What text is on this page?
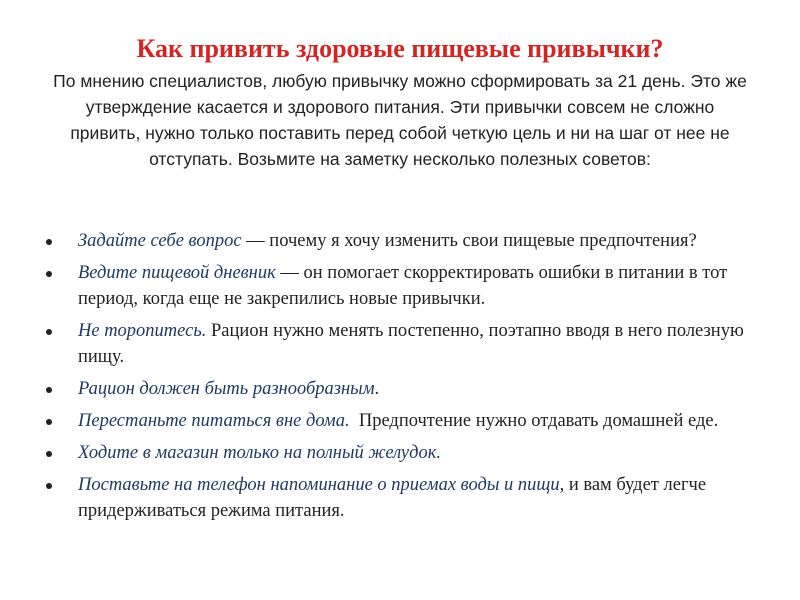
Как привить здоровые пищевые привычки?

По мнению специалистов, любую привычку можно сформировать за 21 день. Это же утверждение касается и здорового питания. Эти привычки совсем не сложно привить, нужно только поставить перед собой четкую цель и ни на шаг от нее не отступать. Возьмите на заметку несколько полезных советов:

Задайте себе вопрос — почему я хочу изменить свои пищевые предпочтения?
Ведите пищевой дневник — он помогает скорректировать ошибки в питании в тот период, когда еще не закрепились новые привычки.
Не торопитесь. Рацион нужно менять постепенно, поэтапно вводя в него полезную пищу.
Рацион должен быть разнообразным.
Перестаньте питаться вне дома.  Предпочтение нужно отдавать домашней еде.
Ходите в магазин только на полный желудок.
Поставьте на телефон напоминание о приемах воды и пищи, и вам будет легче придерживаться режима питания.
